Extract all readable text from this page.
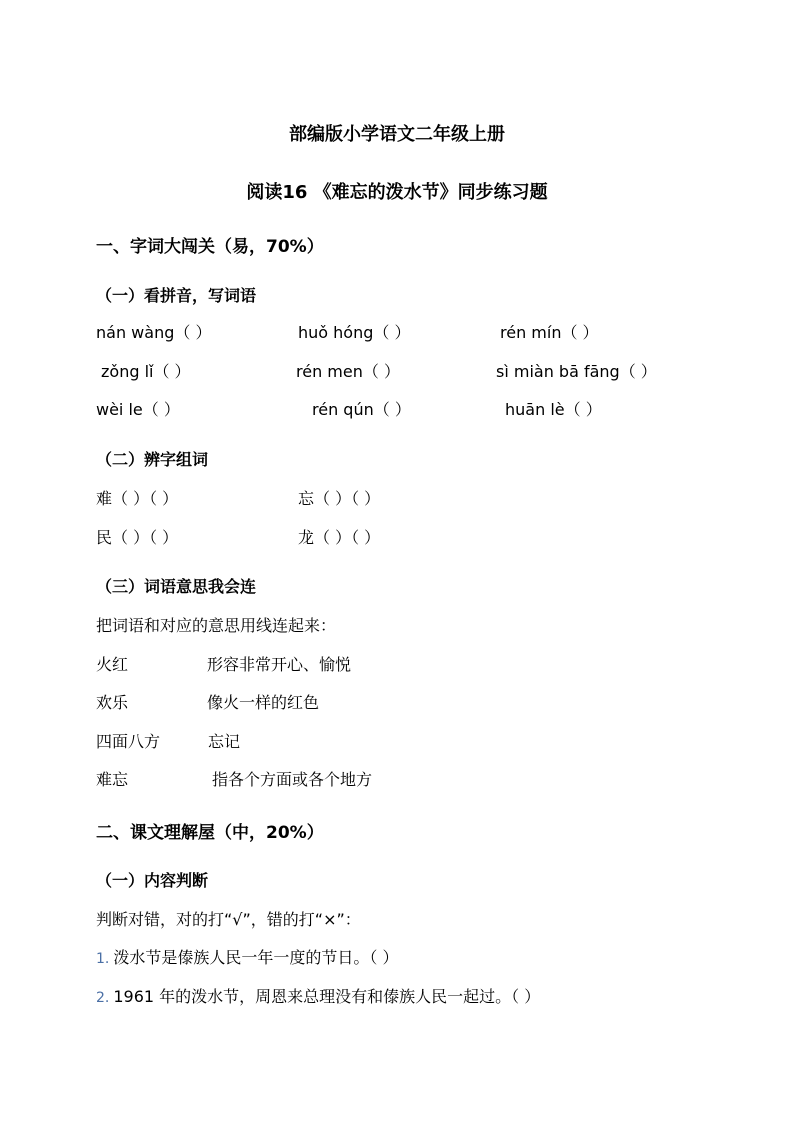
部编版小学语文二年级上册
阅读16 《难忘的泼水节》同步练习题
一、字词大闯关（易，70%）
（一）看拼音，写词语
nán wàng（ ）	huǒ hóng（ ）	rén mín（ ）
zǒng lǐ（ ）	rén men（ ）	sì miàn bā fāng（ ）
wèi le（ ）	rén qún（ ）	huān lè（ ）
（二）辨字组词
难（ ）（ ）	忘（ ）（ ）
民（ ）（ ）	龙（ ）（ ）
（三）词语意思我会连
把词语和对应的意思用线连起来：
火红	形容非常开心、愉悦
欢乐	像火一样的红色
四面八方	忘记
难忘	指各个方面或各个地方
二、课文理解屋（中，20%）
（一）内容判断
判断对错，对的打“√”，错的打“×”：
1. 泼水节是傣族人民一年一度的节日。（ ）
2. 1961 年的泼水节，周恩来总理没有和傣族人民一起过。（ ）
